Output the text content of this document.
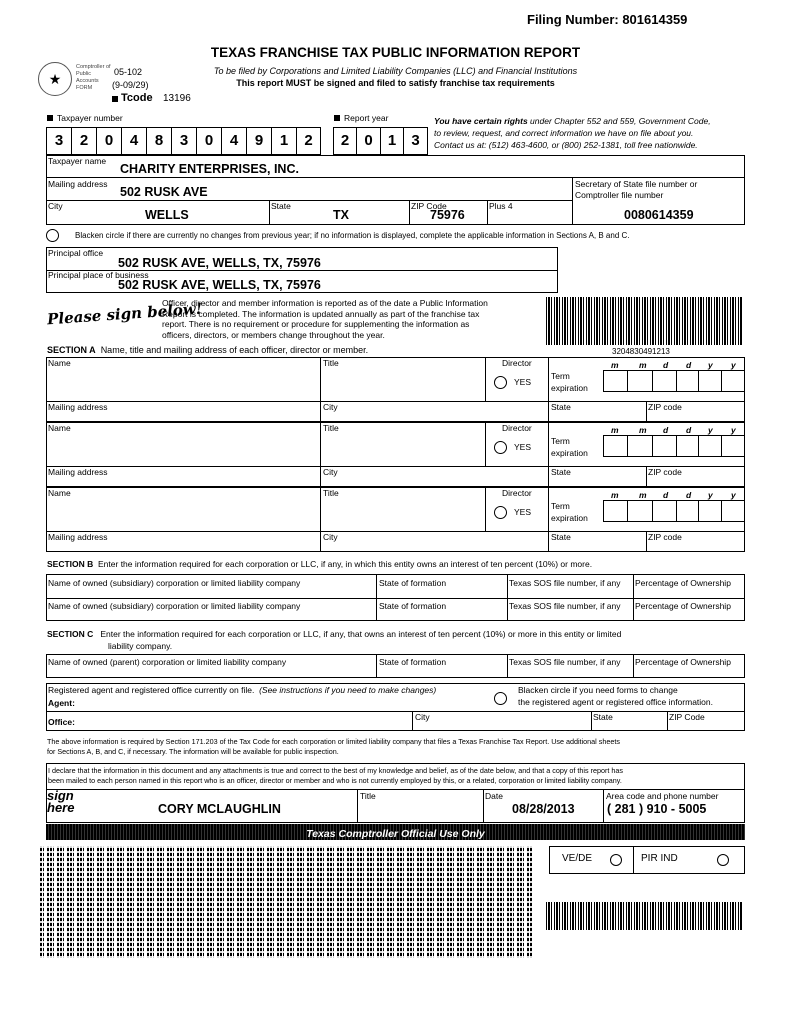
Filing Number: 801614359
TEXAS FRANCHISE TAX PUBLIC INFORMATION REPORT
To be filed by Corporations and Limited Liability Companies (LLC) and Financial Institutions
This report MUST be signed and filed to satisfy franchise tax requirements
★
Comptroller of Public Accounts FORM
05-102
(9-09/29)
Tcode 13196
Taxpayer number
3	2	0	4	8	3	0	4	9	1	2
Report year
2	0	1	3
You have certain rights under Chapter 552 and 559, Government Code,
to review, request, and correct information we have on file about you.
Contact us at: (512) 463-4600, or (800) 252-1381, toll free nationwide.
Taxpayer name
CHARITY ENTERPRISES, INC.
Mailing address
502 RUSK AVE
Secretary of State file number or
Comptroller file number
0080614359
City
WELLS
State
TX
ZIP Code
75976
Plus 4
Blacken circle if there are currently no changes from previous year; if no information is displayed, complete the applicable information in Sections A, B and C.
Principal office
502 RUSK AVE, WELLS, TX, 75976
Principal place of business
502 RUSK AVE, WELLS, TX, 75976
Please sign below!
Officer, director and member information is reported as of the date a Public Information
Report is completed. The information is updated annually as part of the franchise tax
report. There is no requirement or procedure for supplementing the information as
officers, directors, or members change throughout the year.
3204830491213
SECTION A Name, title and mailing address of each officer, director or member.
Name	Title	Director
YES
Term
expiration
m m d d y y
Mailing address	City	State	ZIP code
Name	Title	Director
YES
Term
expiration
m m d d y y
Mailing address	City	State	ZIP code
Name	Title	Director
YES
Term
expiration
m m d d y y
Mailing address	City	State	ZIP code
SECTION B Enter the information required for each corporation or LLC, if any, in which this entity owns an interest of ten percent (10%) or more.
Name of owned (subsidiary) corporation or limited liability company	State of formation	Texas SOS file number, if any Percentage of Ownership
Name of owned (subsidiary) corporation or limited liability company	State of formation	Texas SOS file number, if any Percentage of Ownership
SECTION C Enter the information required for each corporation or LLC, if any, that owns an interest of ten percent (10%) or more in this entity or limited
liability company.
Name of owned (parent) corporation or limited liability company	State of formation	Texas SOS file number, if any Percentage of Ownership
Registered agent and registered office currently on file. (See instructions if you need to make changes)
Agent:
Blacken circle if you need forms to change
the registered agent or registered office information.
Office:	City	State	ZIP Code
The above information is required by Section 171.203 of the Tax Code for each corporation or limited liability company that files a Texas Franchise Tax Report. Use additional sheets
for Sections A, B, and C, if necessary. The information will be available for public inspection.
I declare that the information in this document and any attachments is true and correct to the best of my knowledge and belief, as of the date below, and that a copy of this report has
been mailed to each person named in this report who is an officer, director or member and who is not currently employed by this, or a related, corporation or limited liability company.
sign
here	CORY MCLAUGHLIN
Title	Date
08/28/2013
Area code and phone number
( 281 ) 910 - 5005
Texas Comptroller Official Use Only
VE/DE	PIR IND
